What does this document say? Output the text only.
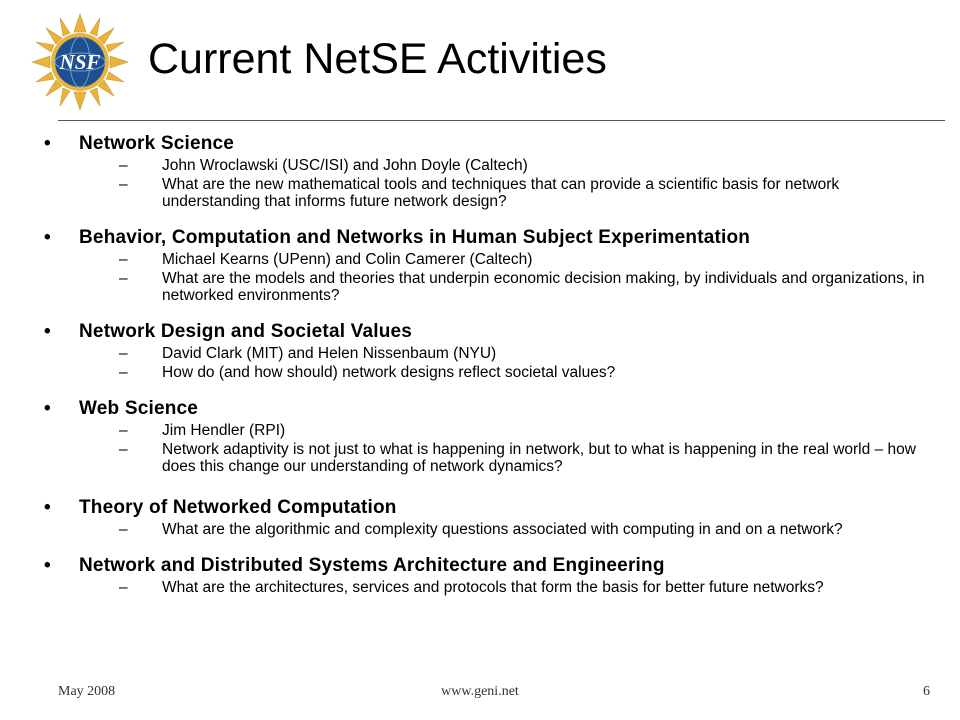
NSF	Current NetSE Activities
• Network Science
– John Wroclawski (USC/ISI) and John Doyle (Caltech)
– What are the new mathematical tools and techniques that can provide a scientific basis for network understanding that informs future network design?
• Behavior, Computation and Networks in Human Subject Experimentation
– Michael Kearns (UPenn) and Colin Camerer (Caltech)
– What are the models and theories that underpin economic decision making, by individuals and organizations, in networked environments?
• Network Design and Societal Values
– David Clark (MIT) and Helen Nissenbaum (NYU)
– How do (and how should) network designs reflect societal values?
• Web Science
– Jim Hendler (RPI)
– Network adaptivity is not just to what is happening in network, but to what is happening in the real world – how does this change our understanding of network dynamics?
• Theory of Networked Computation
– What are the algorithmic and complexity questions associated with computing in and on a network?
• Network and Distributed Systems Architecture and Engineering
– What are the architectures, services and protocols that form the basis for better future networks?
May 2008	www.geni.net	6
